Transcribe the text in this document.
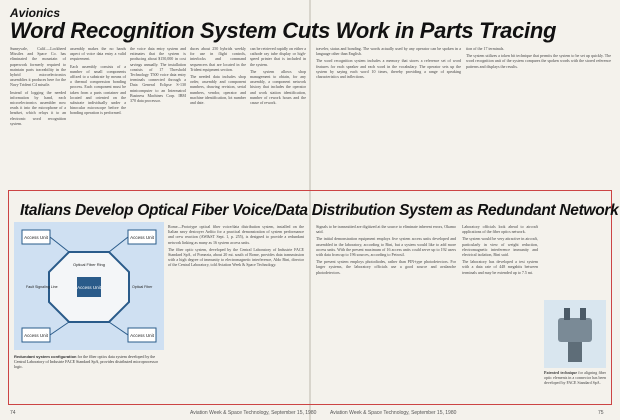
Avionics
Word Recognition System Cuts Work in Parts Tracing

Sunnyvale, Calif.—Lockheed Missiles and Space Co. has eliminated the mountain of paperwork formerly required to maintain parts traceability in the hybrid microelectronics assemblies it produces here for the Navy Trident C4 missile.

Instead of logging the needed information by hand, each microelectronics assembler now reads it into the microphone of a headset, which relays it to an electronic word recognition system.

assembly makes the no hands aspect of voice data entry a valid requirement.

Each assembly consists of a number of small components affixed to a substrate by means of a thermal compression bonding process. Each component must be taken from a parts container and located and oriented on the substrate individually under a binocular microscope before the bonding operation is performed.

the voice data entry system and estimates that the system is producing about $150,000 in cost savings annually. The installation consists of 17 Threshold Technology T500 voice data entry terminals connected through a Data General Eclipse S-130 minicomputer to an Intermatrol Business Machines Corp. IBM 370 data processor.

duces about 250 hybrids weekly for use in flight controls, interlocks and command sequencers that are located in the Trident equipment section.

The needed data includes shop order, assembly and component numbers, drawing revision, serial numbers, vendor, operator and machine identification, lot number and date.

can be retrieved rapidly on either a cathode ray tube display or high-speed printer that is included in the system.

The system allows shop management to obtain, for any assembly, a component network history that includes the operator and work station identification, number of rework hours and the cause of rework.

traveler, status and bonding. The words actually used by any operator can be spoken in a language other than English.

The word recognition system includes a memory that stores a reference set of word features for each speaker and each word in the vocabulary. The operator sets up the system by saying each word 10 times, thereby providing a range of speaking characteristics and inflections.

tion of the 17 terminals.

The system utilizes a token bit technique that permits the system to be set up quickly. The word recognition unit of the system compares the spoken words with the stored reference patterns and displays the results.

Italians Develop Optical Fiber Voice/Data Distribution System as Redundant Network
Access Unit	Access Unit
Access Unit	Access Unit
Access Unit
Optical Fiber Ring
Fault Signaling Line	Optical Fiber
Redundant system configuration for the fiber optics data system developed by the Central Laboratory of Industrie FACE Standard SpA, provides distributed microprocessor logic.

Rome—Prototype optical fiber voice/data distribution system, installed on the Italian navy destroyer Ardito for a practical demonstration of system performance and crew reaction (AW&ST Sept. 1, p. 255), is designed to provide a redundant network linking as many as 16 system access units.

The fiber optic system, developed by the Central Laboratory of Industrie FACE Standard SpA, of Pomezia, about 20 mi. south of Rome, provides data transmission with a high degree of immunity to electromagnetic interference, Aldo Bini, director of the Central Laboratory, told Aviation Week & Space Technology.

Signals to be transmitted are digitized at the source to eliminate inherent errors, Okamo said.

The initial demonstration equipment employs five system access units developed and assembled in the laboratory, according to Bini, but a system would like to add more access units. With the present maximum of 16 access units could serve up to 192 users with data from up to 196 sources, according to Petrosil.

The present system employs photodiodes, rather than PIN-type photodetectors. For larger systems, the laboratory officials use a good source and avalanche photodetectors.

Laboratory officials look ahead to aircraft applications of the fiber optics network.

The system would be very attractive in aircraft, particularly in view of weight reduction, electromagnetic interference immunity and electrical isolation, Bini said.

The laboratory has developed a test system with a data rate of 448 megabits between terminals and may be extended up to 7.5 mi.

Patented technique for aligning fiber optic elements in a connector has been developed by FACE Standard SpA.
74	Aviation Week & Space Technology, September 15, 1980	Aviation Week & Space Technology, September 15, 1980	75
